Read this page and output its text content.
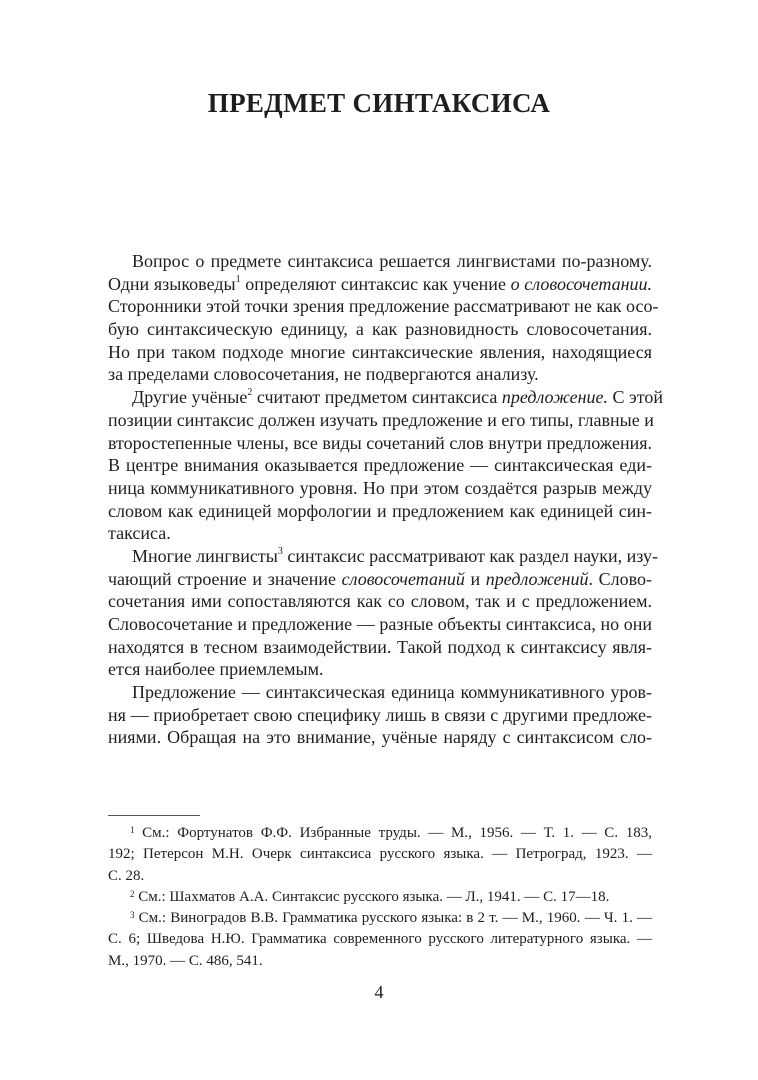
ПРЕДМЕТ СИНТАКСИСА
Вопрос о предмете синтаксиса решается лингвистами по-разному.
Одни языковеды$^1$ определяют синтаксис как учение о словосочетании.
Сторонники этой точки зрения предложение рассматривают не как осо-
бую синтаксическую единицу, а как разновидность словосочетания.
Но при таком подходе многие синтаксические явления, находящиеся
за пределами словосочетания, не подвергаются анализу.
Другие учёные$^2$ считают предметом синтаксиса предложение. С этой
позиции синтаксис должен изучать предложение и его типы, главные и
второстепенные члены, все виды сочетаний слов внутри предложения.
В центре внимания оказывается предложение — синтаксическая еди-
ница коммуникативного уровня. Но при этом создаётся разрыв между
словом как единицей морфологии и предложением как единицей син-
таксиса.
Многие лингвисты$^3$ синтаксис рассматривают как раздел науки, изу-
чающий строение и значение словосочетаний и предложений. Слово-
сочетания ими сопоставляются как со словом, так и с предложением.
Словосочетание и предложение — разные объекты синтаксиса, но они
находятся в тесном взаимодействии. Такой подход к синтаксису явля-
ется наиболее приемлемым.
Предложение — синтаксическая единица коммуникативного уров-
ня — приобретает свою специфику лишь в связи с другими предложе-
ниями. Обращая на это внимание, учёные наряду с синтаксисом сло-
$^1$ См.: Фортунатов Ф.Ф. Избранные труды. — М., 1956. — Т. 1. — С. 183,
192; Петерсон М.Н. Очерк синтаксиса русского языка. — Петроград, 1923. —
С. 28.
$^2$ См.: Шахматов А.А. Синтаксис русского языка. — Л., 1941. — С. 17—18.
$^3$ См.: Виноградов В.В. Грамматика русского языка: в 2 т. — М., 1960. — Ч. 1. —
С. 6; Шведова Н.Ю. Грамматика современного русского литературного языка. —
М., 1970. — С. 486, 541.
4
